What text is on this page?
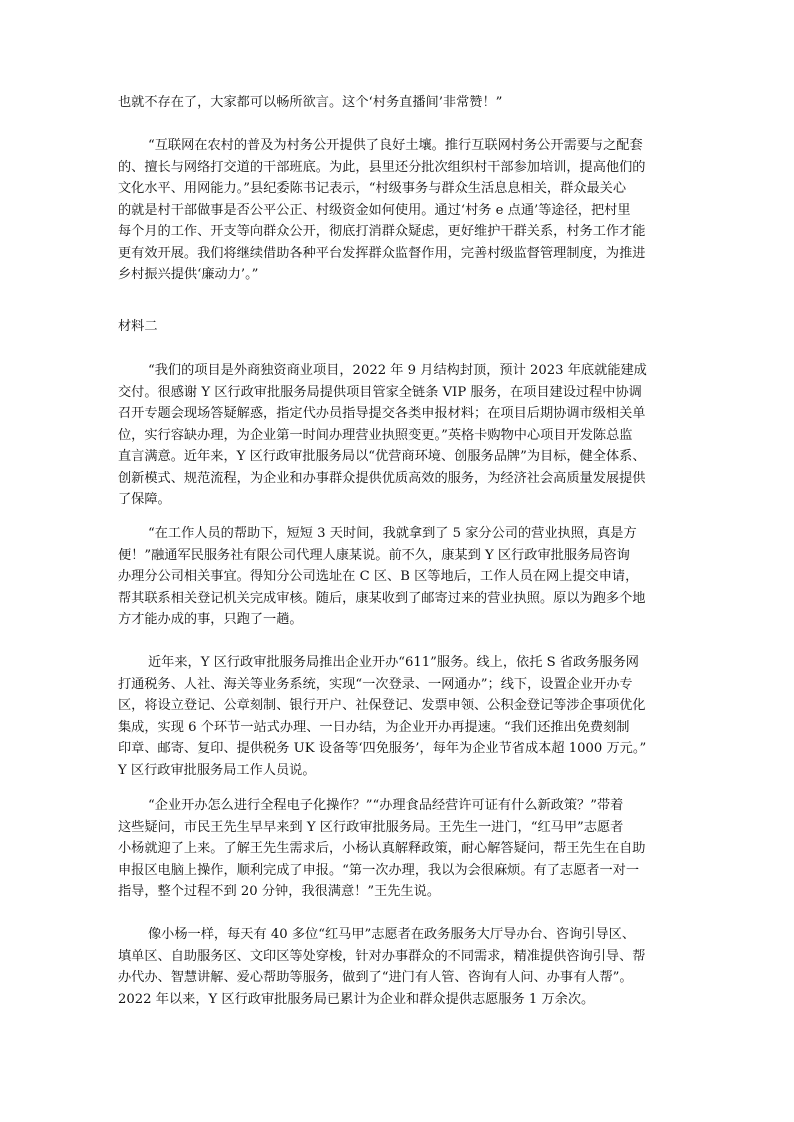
也就不存在了，大家都可以畅所欲言。这个‘村务直播间’非常赞！”
“互联网在农村的普及为村务公开提供了良好土壤。推行互联网村务公开需要与之配套
的、擅长与网络打交道的干部班底。为此，县里还分批次组织村干部参加培训，提高他们的
文化水平、用网能力。”县纪委陈书记表示，“村级事务与群众生活息息相关，群众最关心
的就是村干部做事是否公平公正、村级资金如何使用。通过‘村务 e 点通’等途径，把村里
每个月的工作、开支等向群众公开，彻底打消群众疑虑，更好维护干群关系，村务工作才能
更有效开展。我们将继续借助各种平台发挥群众监督作用，完善村级监督管理制度，为推进
乡村振兴提供‘廉动力’。”
材料二
“我们的项目是外商独资商业项目，2022 年 9 月结构封顶，预计 2023 年底就能建成
交付。很感谢 Y 区行政审批服务局提供项目管家全链条 VIP 服务，在项目建设过程中协调
召开专题会现场答疑解惑，指定代办员指导提交各类申报材料；在项目后期协调市级相关单
位，实行容缺办理，为企业第一时间办理营业执照变更。”英格卡购物中心项目开发陈总监
直言满意。近年来，Y 区行政审批服务局以“优营商环境、创服务品牌”为目标，健全体系、
创新模式、规范流程，为企业和办事群众提供优质高效的服务，为经济社会高质量发展提供
了保障。
“在工作人员的帮助下，短短 3 天时间，我就拿到了 5 家分公司的营业执照，真是方
便！”融通军民服务社有限公司代理人康某说。前不久，康某到 Y 区行政审批服务局咨询
办理分公司相关事宜。得知分公司选址在 C 区、B 区等地后，工作人员在网上提交申请，
帮其联系相关登记机关完成审核。随后，康某收到了邮寄过来的营业执照。原以为跑多个地
方才能办成的事，只跑了一趟。
近年来，Y 区行政审批服务局推出企业开办“611”服务。线上，依托 S 省政务服务网
打通税务、人社、海关等业务系统，实现“一次登录、一网通办”；线下，设置企业开办专
区，将设立登记、公章刻制、银行开户、社保登记、发票申领、公积金登记等涉企事项优化
集成，实现 6 个环节一站式办理、一日办结，为企业开办再提速。“我们还推出免费刻制
印章、邮寄、复印、提供税务 UK 设备等‘四免服务’，每年为企业节省成本超 1000 万元。”
Y 区行政审批服务局工作人员说。
“企业开办怎么进行全程电子化操作？”“办理食品经营许可证有什么新政策？”带着
这些疑问，市民王先生早早来到 Y 区行政审批服务局。王先生一进门，“红马甲”志愿者
小杨就迎了上来。了解王先生需求后，小杨认真解释政策，耐心解答疑问，帮王先生在自助
申报区电脑上操作，顺利完成了申报。“第一次办理，我以为会很麻烦。有了志愿者一对一
指导，整个过程不到 20 分钟，我很满意！”王先生说。
像小杨一样，每天有 40 多位“红马甲”志愿者在政务服务大厅导办台、咨询引导区、
填单区、自助服务区、文印区等处穿梭，针对办事群众的不同需求，精准提供咨询引导、帮
办代办、智慧讲解、爱心帮助等服务，做到了“进门有人管、咨询有人问、办事有人帮”。
2022 年以来，Y 区行政审批服务局已累计为企业和群众提供志愿服务 1 万余次。
